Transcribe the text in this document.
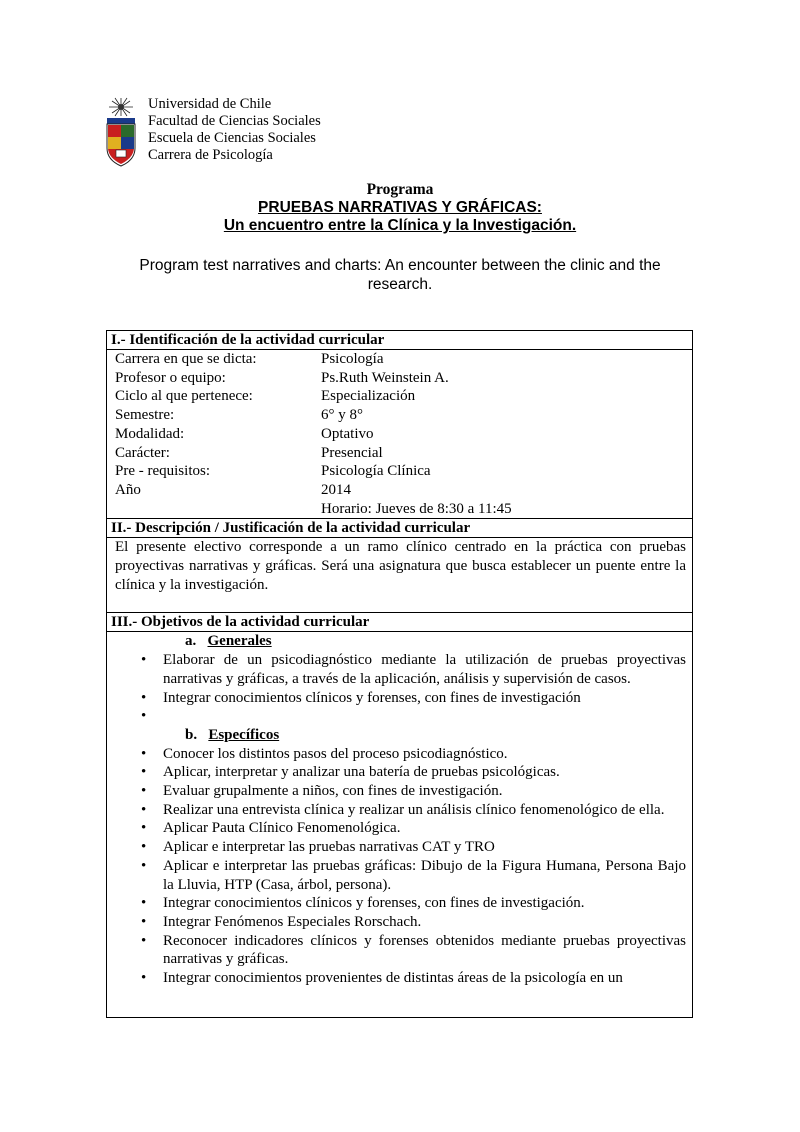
Universidad de Chile
Facultad de Ciencias Sociales
Escuela de Ciencias Sociales
Carrera de Psicología
Programa
PRUEBAS NARRATIVAS Y GRÁFICAS:
Un encuentro entre la Clínica y la Investigación.
Program test narratives and charts: An encounter between the clinic and the research.
I.- Identificación de la actividad curricular
Carrera en que se dicta:	Psicología
Profesor o equipo:	Ps.Ruth Weinstein A.
Ciclo al que pertenece:	Especialización
Semestre:	6° y 8°
Modalidad:	Optativo
Carácter:	Presencial
Pre - requisitos:	Psicología Clínica
Año	2014
Horario: Jueves de 8:30 a 11:45
II.- Descripción / Justificación de la actividad curricular
El presente electivo corresponde a un ramo clínico centrado en la práctica con pruebas proyectivas narrativas y gráficas. Será una asignatura que busca establecer un puente entre la clínica y la investigación.
III.- Objetivos de la actividad curricular
a. Generales
• Elaborar de un psicodiagnóstico mediante la utilización de pruebas proyectivas narrativas y gráficas, a través de la aplicación, análisis y supervisión de casos.
• Integrar conocimientos clínicos y forenses, con fines de investigación
•
b. Específicos
• Conocer los distintos pasos del proceso psicodiagnóstico.
• Aplicar, interpretar y analizar una batería de pruebas psicológicas.
• Evaluar grupalmente a niños, con fines de investigación.
• Realizar una entrevista clínica y realizar un análisis clínico fenomenológico de ella.
• Aplicar Pauta Clínico Fenomenológica.
• Aplicar e interpretar las pruebas narrativas CAT y TRO
• Aplicar e interpretar las pruebas gráficas: Dibujo de la Figura Humana, Persona Bajo la Lluvia, HTP (Casa, árbol, persona).
• Integrar conocimientos clínicos y forenses, con fines de investigación.
• Integrar Fenómenos Especiales Rorschach.
• Reconocer indicadores clínicos y forenses obtenidos mediante pruebas proyectivas narrativas y gráficas.
• Integrar conocimientos provenientes de distintas áreas de la psicología en un
